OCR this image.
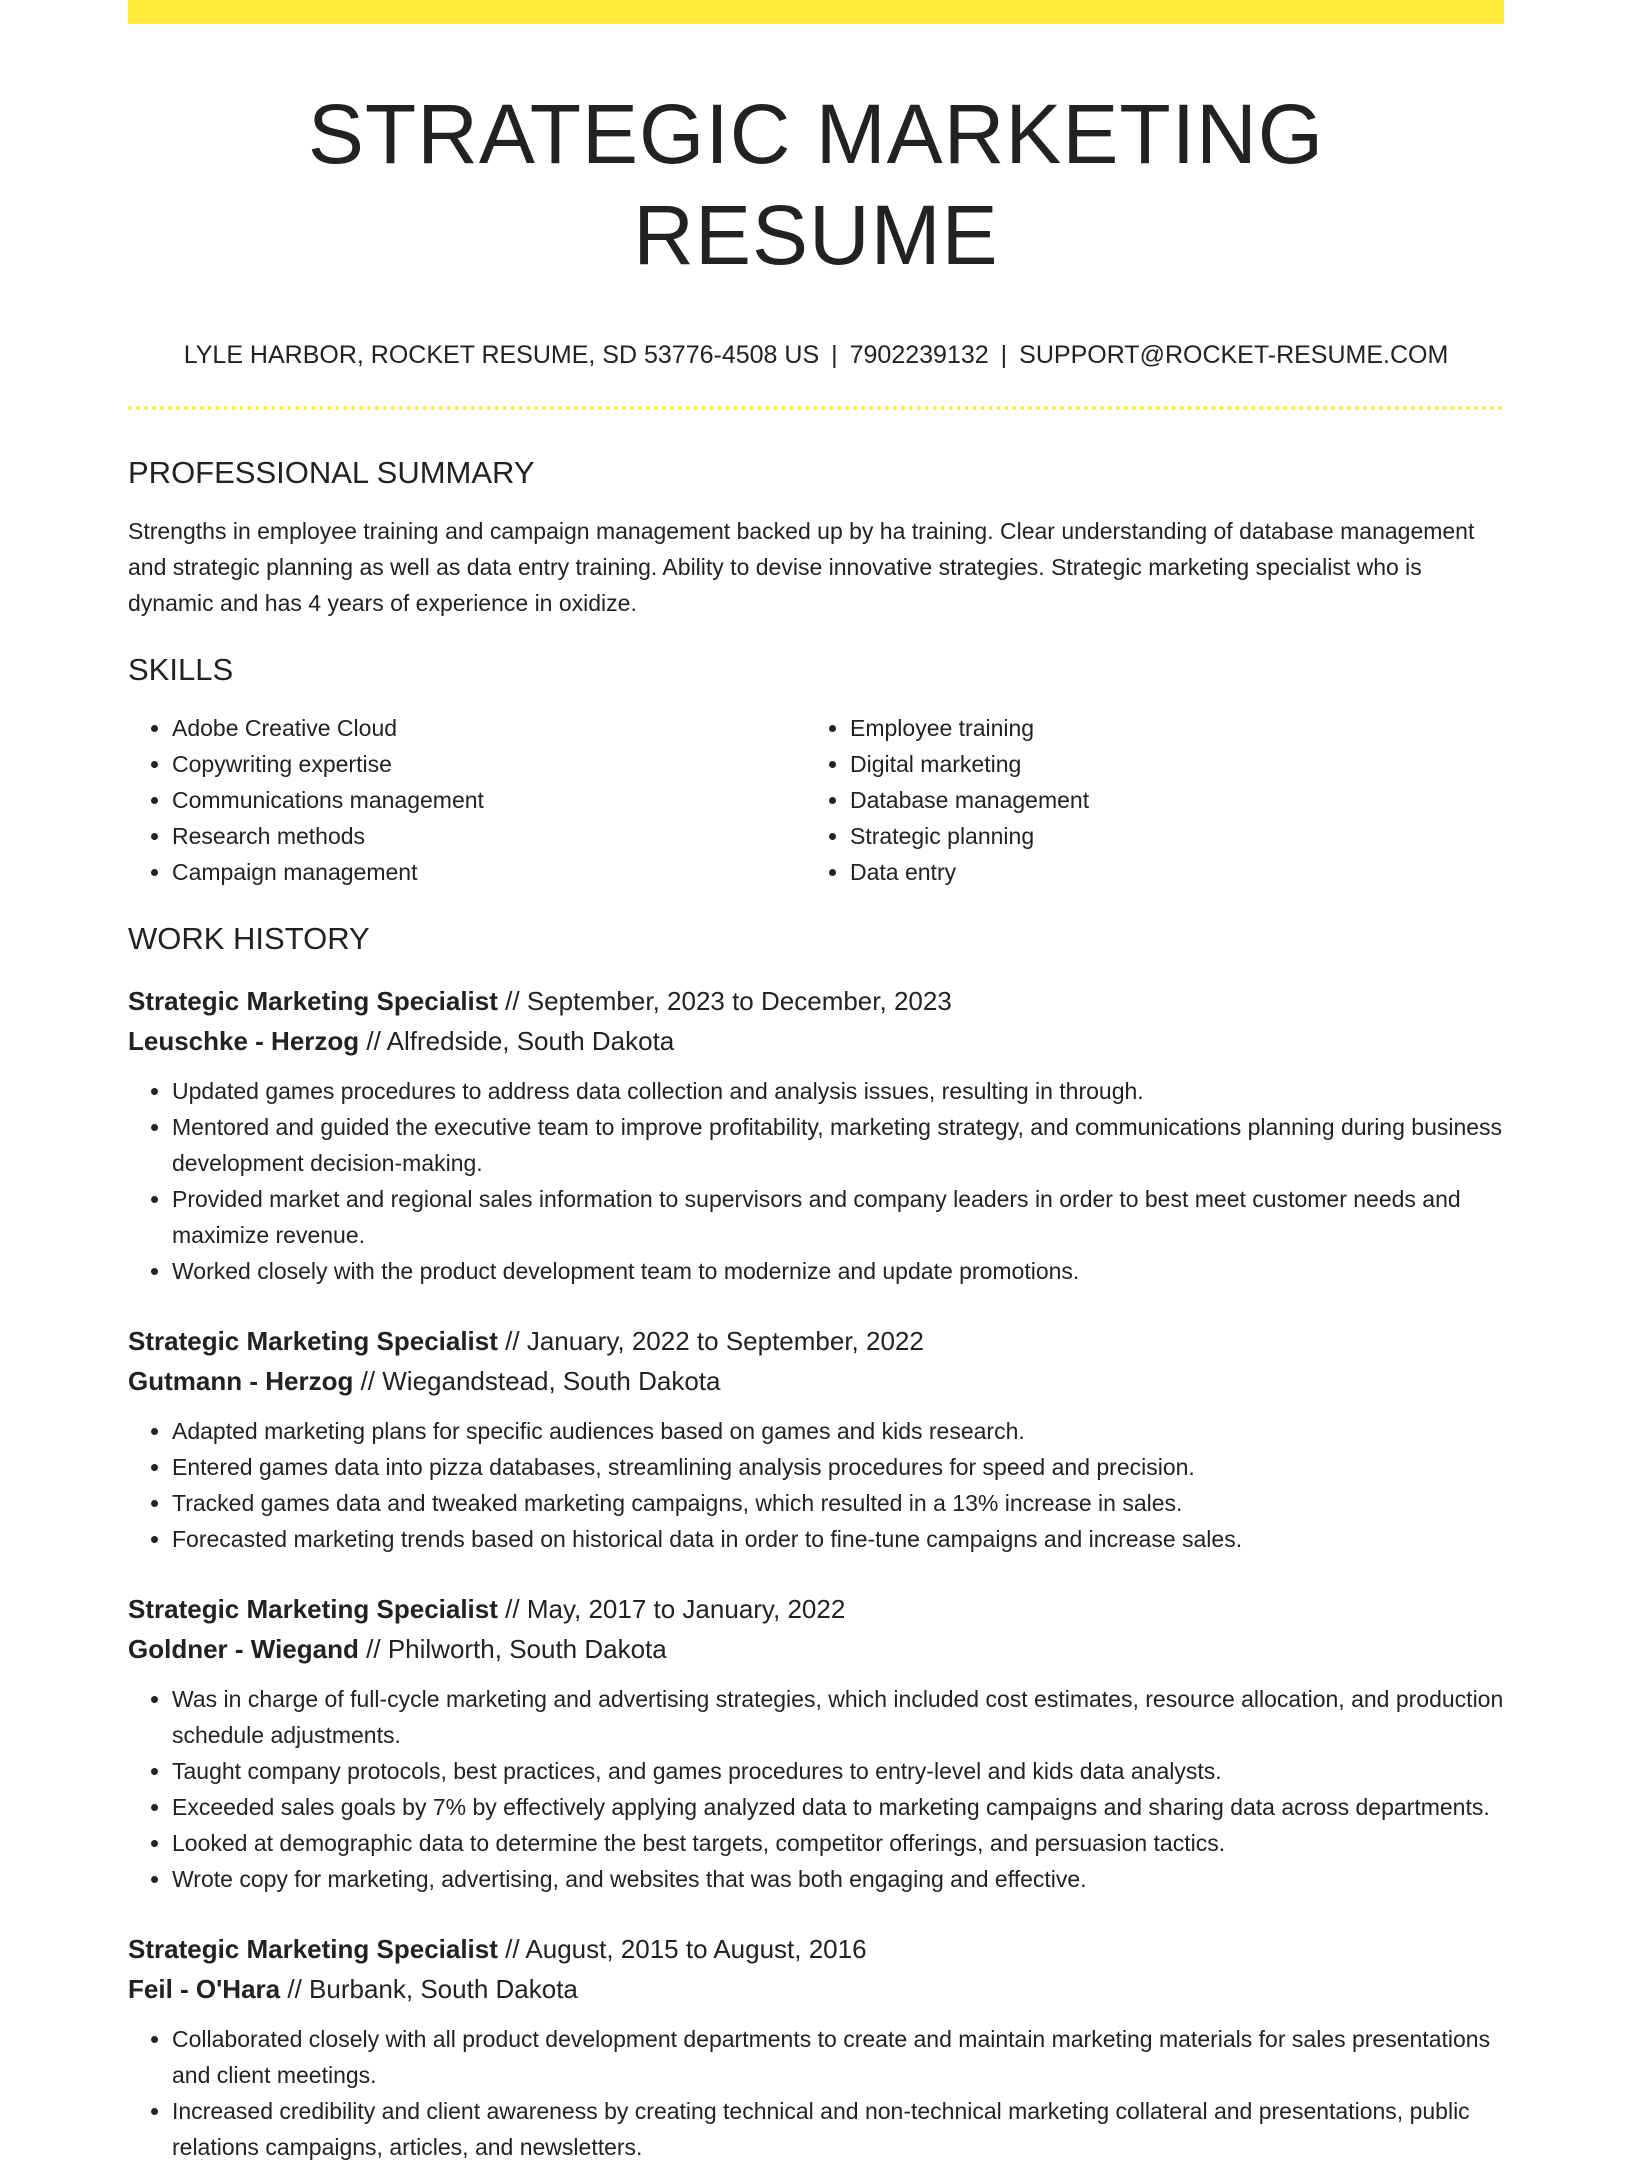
STRATEGIC MARKETING RESUME
LYLE HARBOR, ROCKET RESUME, SD 53776-4508 US | 7902239132 | SUPPORT@ROCKET-RESUME.COM
PROFESSIONAL SUMMARY

Strengths in employee training and campaign management backed up by ha training. Clear understanding of database management and strategic planning as well as data entry training. Ability to devise innovative strategies. Strategic marketing specialist who is dynamic and has 4 years of experience in oxidize.

SKILLS
• Adobe Creative Cloud
• Copywriting expertise
• Communications management
• Research methods
• Campaign management
• Employee training
• Digital marketing
• Database management
• Strategic planning
• Data entry
WORK HISTORY
Strategic Marketing Specialist // September, 2023 to December, 2023
Leuschke - Herzog // Alfredside, South Dakota
• Updated games procedures to address data collection and analysis issues, resulting in through.
• Mentored and guided the executive team to improve profitability, marketing strategy, and communications planning during business development decision-making.
• Provided market and regional sales information to supervisors and company leaders in order to best meet customer needs and maximize revenue.
• Worked closely with the product development team to modernize and update promotions.
Strategic Marketing Specialist // January, 2022 to September, 2022
Gutmann - Herzog // Wiegandstead, South Dakota
• Adapted marketing plans for specific audiences based on games and kids research.
• Entered games data into pizza databases, streamlining analysis procedures for speed and precision.
• Tracked games data and tweaked marketing campaigns, which resulted in a 13% increase in sales.
• Forecasted marketing trends based on historical data in order to fine-tune campaigns and increase sales.
Strategic Marketing Specialist // May, 2017 to January, 2022
Goldner - Wiegand // Philworth, South Dakota
• Was in charge of full-cycle marketing and advertising strategies, which included cost estimates, resource allocation, and production schedule adjustments.
• Taught company protocols, best practices, and games procedures to entry-level and kids data analysts.
• Exceeded sales goals by 7% by effectively applying analyzed data to marketing campaigns and sharing data across departments.
• Looked at demographic data to determine the best targets, competitor offerings, and persuasion tactics.
• Wrote copy for marketing, advertising, and websites that was both engaging and effective.
Strategic Marketing Specialist // August, 2015 to August, 2016
Feil - O'Hara // Burbank, South Dakota
• Collaborated closely with all product development departments to create and maintain marketing materials for sales presentations and client meetings.
• Increased credibility and client awareness by creating technical and non-technical marketing collateral and presentations, public relations campaigns, articles, and newsletters.
